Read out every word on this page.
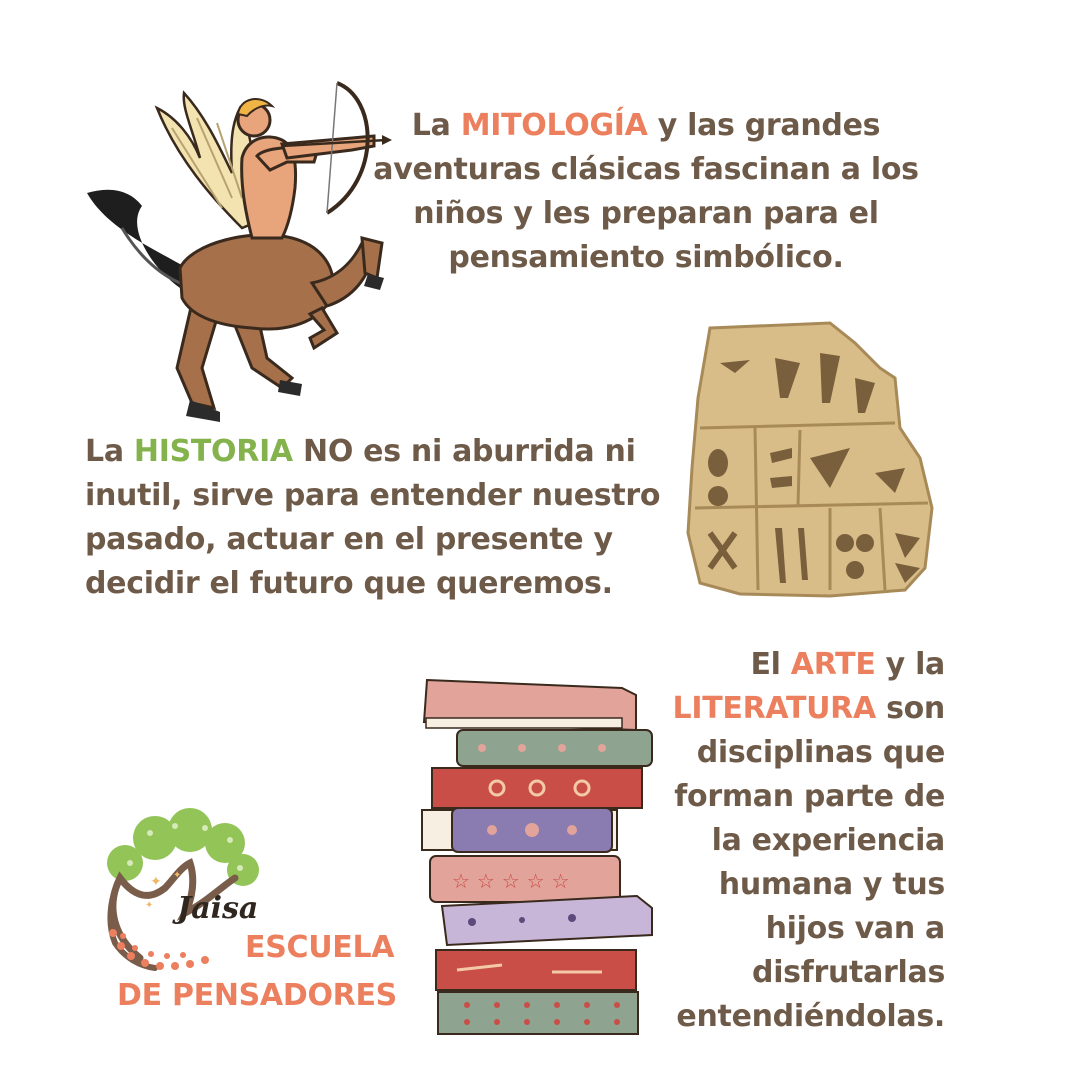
La MITOLOGÍA y las grandes aventuras clásicas fascinan a los niños y les preparan para el pensamiento simbólico.

La HISTORIA NO es ni aburrida ni inutil, sirve para entender nuestro pasado, actuar en el presente y decidir el futuro que queremos.

El ARTE y la LITERATURA son disciplinas que forman parte de la experiencia humana y tus hijos van a disfrutarlas entendiéndolas.

☆ ☆ ☆ ☆ ☆
✦ ✦
✦ Jaisa
ESCUELA
DE PENSADORES
